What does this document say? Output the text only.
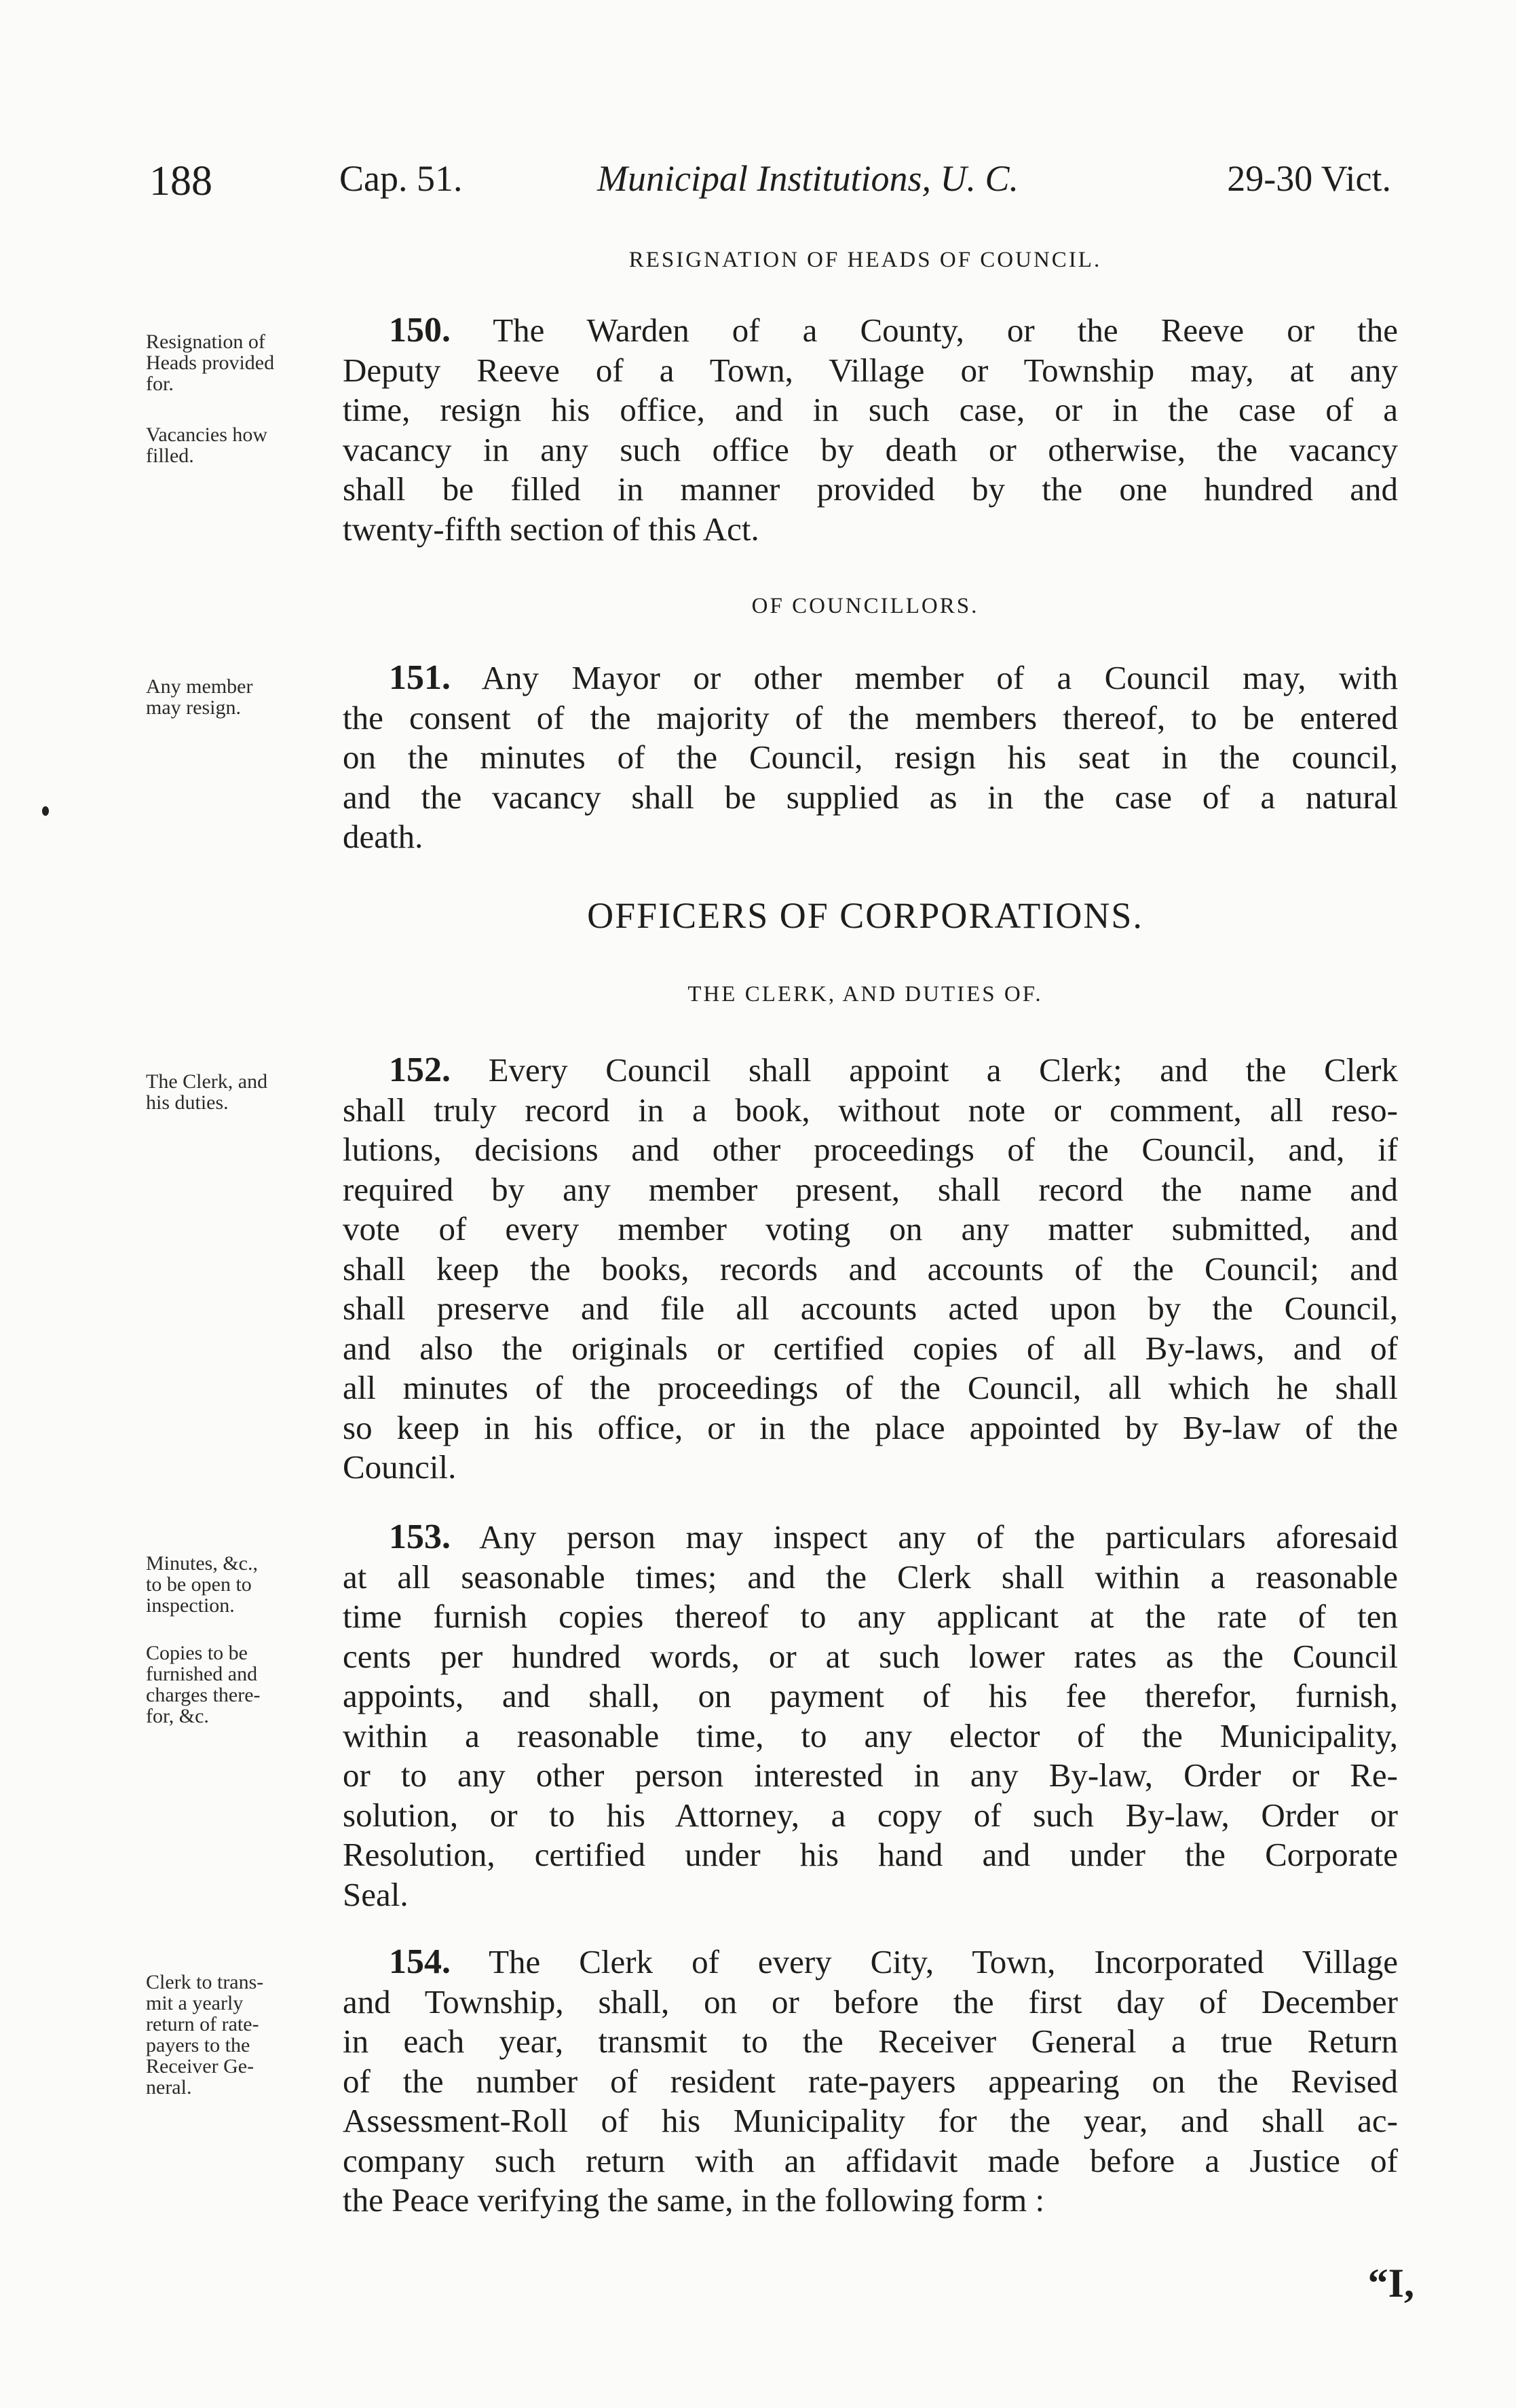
188	Cap. 51.	Municipal Institutions, U. C.	29-30 Vict.
RESIGNATION OF HEADS OF COUNCIL.
Resignation of
Heads provided
for.
Vacancies how
filled.
150. The Warden of a County, or the Reeve or the
Deputy Reeve of a Town, Village or Township may, at any
time, resign his office, and in such case, or in the case of a
vacancy in any such office by death or otherwise, the vacancy
shall be filled in manner provided by the one hundred and
twenty-fifth section of this Act.
OF COUNCILLORS.
Any member
may resign.
151. Any Mayor or other member of a Council may, with
the consent of the majority of the members thereof, to be entered
on the minutes of the Council, resign his seat in the council,
and the vacancy shall be supplied as in the case of a natural
death.
OFFICERS OF CORPORATIONS.
THE CLERK, AND DUTIES OF.
The Clerk, and
his duties.
152. Every Council shall appoint a Clerk; and the Clerk
shall truly record in a book, without note or comment, all reso-
lutions, decisions and other proceedings of the Council, and, if
required by any member present, shall record the name and
vote of every member voting on any matter submitted, and
shall keep the books, records and accounts of the Council; and
shall preserve and file all accounts acted upon by the Council,
and also the originals or certified copies of all By-laws, and of
all minutes of the proceedings of the Council, all which he shall
so keep in his office, or in the place appointed by By-law of the
Council.
Minutes, &c.,
to be open to
inspection.
Copies to be
furnished and
charges there-
for, &c.
153. Any person may inspect any of the particulars aforesaid
at all seasonable times; and the Clerk shall within a reasonable
time furnish copies thereof to any applicant at the rate of ten
cents per hundred words, or at such lower rates as the Council
appoints, and shall, on payment of his fee therefor, furnish,
within a reasonable time, to any elector of the Municipality,
or to any other person interested in any By-law, Order or Re-
solution, or to his Attorney, a copy of such By-law, Order or
Resolution, certified under his hand and under the Corporate
Seal.
Clerk to trans-
mit a yearly
return of rate-
payers to the
Receiver Ge-
neral.
154. The Clerk of every City, Town, Incorporated Village
and Township, shall, on or before the first day of December
in each year, transmit to the Receiver General a true Return
of the number of resident rate-payers appearing on the Revised
Assessment-Roll of his Municipality for the year, and shall ac-
company such return with an affidavit made before a Justice of
the Peace verifying the same, in the following form :
“I,
